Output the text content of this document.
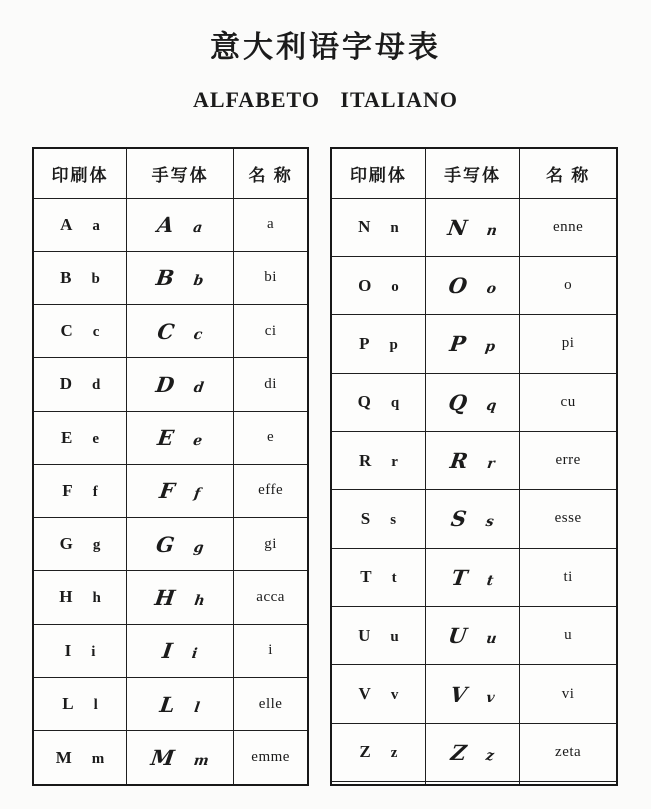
意大利语字母表
ALFABETO ITALIANO
印刷体	手写体	名 称

A a	A a	a

B b	B b	bi

C c	C c	ci

D d	D d	di

E e	E e	e

F f	F f	effe

G g	G g	gi

H h	H h	acca

I i	I i	i

L l	L l	elle

M m	M m	emme
印刷体	手写体	名 称

N n	N n	enne

O o	O o	o

P p	P p	pi

Q q	Q q	cu

R r	R r	erre

S s	S s	esse

T t	T t	ti

U u	U u	u

V v	V v	vi

Z z	Z z	zeta
